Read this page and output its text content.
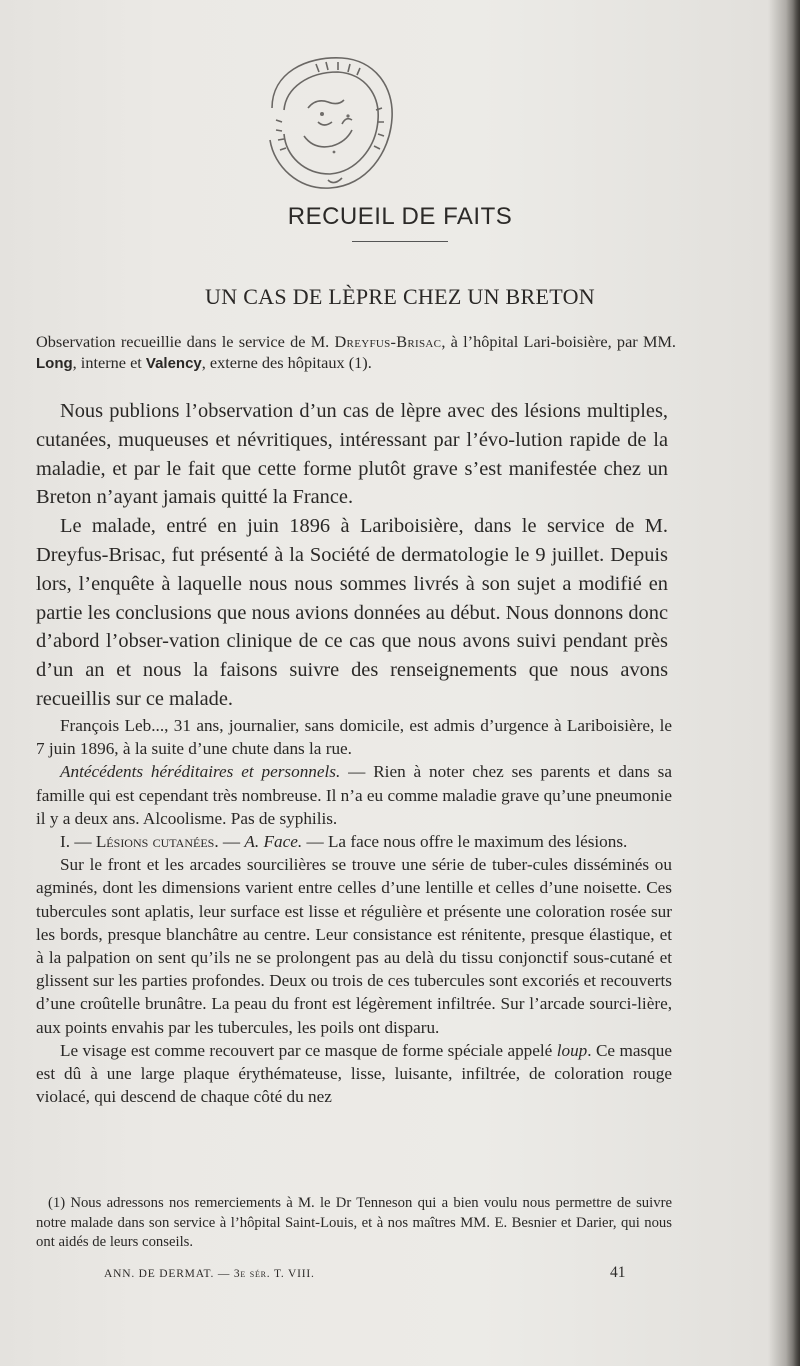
RECUEIL DE FAITS
UN CAS DE LÈPRE CHEZ UN BRETON
Observation recueillie dans le service de M. Dreyfus-Brisac, à l’hôpital Lari-boisière, par MM. Long, interne et Valency, externe des hôpitaux (1).

Nous publions l’observation d’un cas de lèpre avec des lésions multiples, cutanées, muqueuses et névritiques, intéressant par l’évo-lution rapide de la maladie, et par le fait que cette forme plutôt grave s’est manifestée chez un Breton n’ayant jamais quitté la France.

Le malade, entré en juin 1896 à Lariboisière, dans le service de M. Dreyfus-Brisac, fut présenté à la Société de dermatologie le 9 juillet. Depuis lors, l’enquête à laquelle nous nous sommes livrés à son sujet a modifié en partie les conclusions que nous avions données au début. Nous donnons donc d’abord l’obser-vation clinique de ce cas que nous avons suivi pendant près d’un an et nous la faisons suivre des renseignements que nous avons recueillis sur ce malade.

François Leb..., 31 ans, journalier, sans domicile, est admis d’urgence à Lariboisière, le 7 juin 1896, à la suite d’une chute dans la rue.

Antécédents héréditaires et personnels. — Rien à noter chez ses parents et dans sa famille qui est cependant très nombreuse. Il n’a eu comme maladie grave qu’une pneumonie il y a deux ans. Alcoolisme. Pas de syphilis.

I. — Lésions cutanées. — A. Face. — La face nous offre le maximum des lésions.

Sur le front et les arcades sourcilières se trouve une série de tuber-cules disséminés ou agminés, dont les dimensions varient entre celles d’une lentille et celles d’une noisette. Ces tubercules sont aplatis, leur surface est lisse et régulière et présente une coloration rosée sur les bords, presque blanchâtre au centre. Leur consistance est rénitente, presque élastique, et à la palpation on sent qu’ils ne se prolongent pas au delà du tissu conjonctif sous-cutané et glissent sur les parties profondes. Deux ou trois de ces tubercules sont excoriés et recouverts d’une croûtelle brunâtre. La peau du front est légèrement infiltrée. Sur l’arcade sourci-lière, aux points envahis par les tubercules, les poils ont disparu.

Le visage est comme recouvert par ce masque de forme spéciale appelé loup. Ce masque est dû à une large plaque érythémateuse, lisse, luisante, infiltrée, de coloration rouge violacé, qui descend de chaque côté du nez

(1) Nous adressons nos remerciements à M. le Dr Tenneson qui a bien voulu nous permettre de suivre notre malade dans son service à l’hôpital Saint-Louis, et à nos maîtres MM. E. Besnier et Darier, qui nous ont aidés de leurs conseils.
ANN. DE DERMAT. — 3e sér. T. VIII.	41
